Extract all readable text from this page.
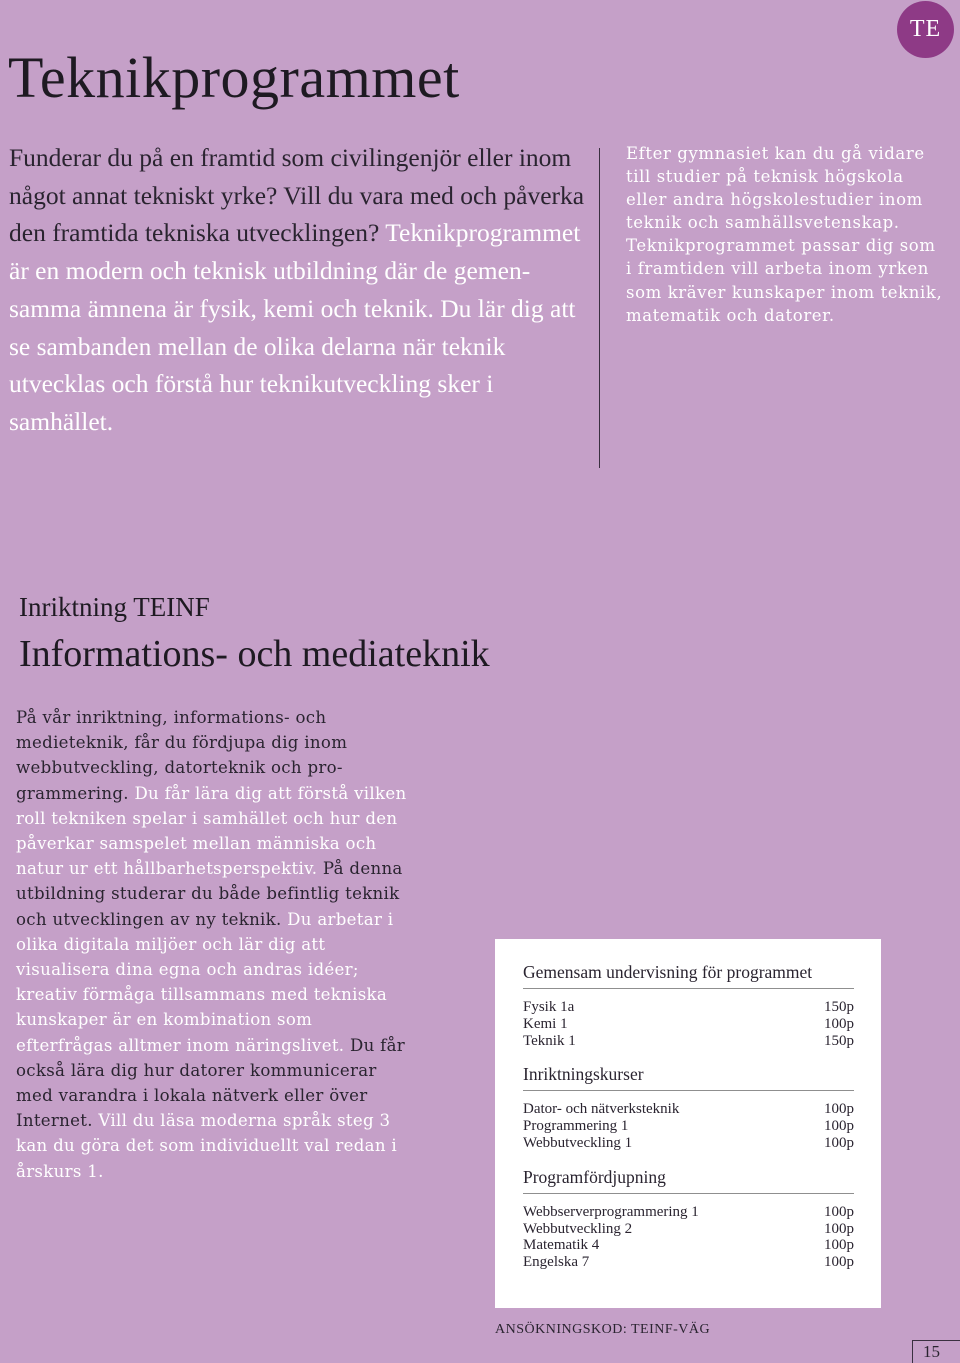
TE
Teknikprogrammet

Funderar du på en framtid som civilingenjör eller inom något annat tekniskt yrke? Vill du vara med och påverka den framtida tekniska utvecklingen? Teknikprogrammet är en modern och teknisk utbildning där de gemensamma ämnena är fysik, kemi och teknik. Du lär dig att se sambanden mellan de olika delarna när teknik utvecklas och förstå hur teknikutveckling sker i samhället.

Efter gymnasiet kan du gå vidare till studier på teknisk högskola eller andra högskolestudier inom teknik och samhällsvetenskap. Teknikprogrammet passar dig som i framtiden vill arbeta inom yrken som kräver kunskaper inom teknik, matematik och datorer.

Inriktning TEINF
Informations- och mediateknik

På vår inriktning, informations- och medieteknik, får du fördjupa dig inom webbutveckling, datorteknik och programmering. Du får lära dig att förstå vilken roll tekniken spelar i samhället och hur den påverkar samspelet mellan människa och natur ur ett hållbarhetsperspektiv. På denna utbildning studerar du både befintlig teknik och utvecklingen av ny teknik. Du arbetar i olika digitala miljöer och lär dig att visualisera dina egna och andras idéer; kreativ förmåga tillsammans med tekniska kunskaper är en kombination som efterfrågas alltmer inom näringslivet. Du får också lära dig hur datorer kommunicerar med varandra i lokala nätverk eller över Internet. Vill du läsa moderna språk steg 3 kan du göra det som individuellt val redan i årskurs 1.

Gemensam undervisning för programmet
Fysik 1a	150p
Kemi 1	100p
Teknik 1	150p
Inriktningskurser
Dator- och nätverksteknik	100p
Programmering 1	100p
Webbutveckling 1	100p
Programfördjupning
Webbserverprogrammering 1	100p
Webbutveckling 2	100p
Matematik 4	100p
Engelska 7	100p
ANSÖKNINGSKOD: TEINF-VÄG
15
